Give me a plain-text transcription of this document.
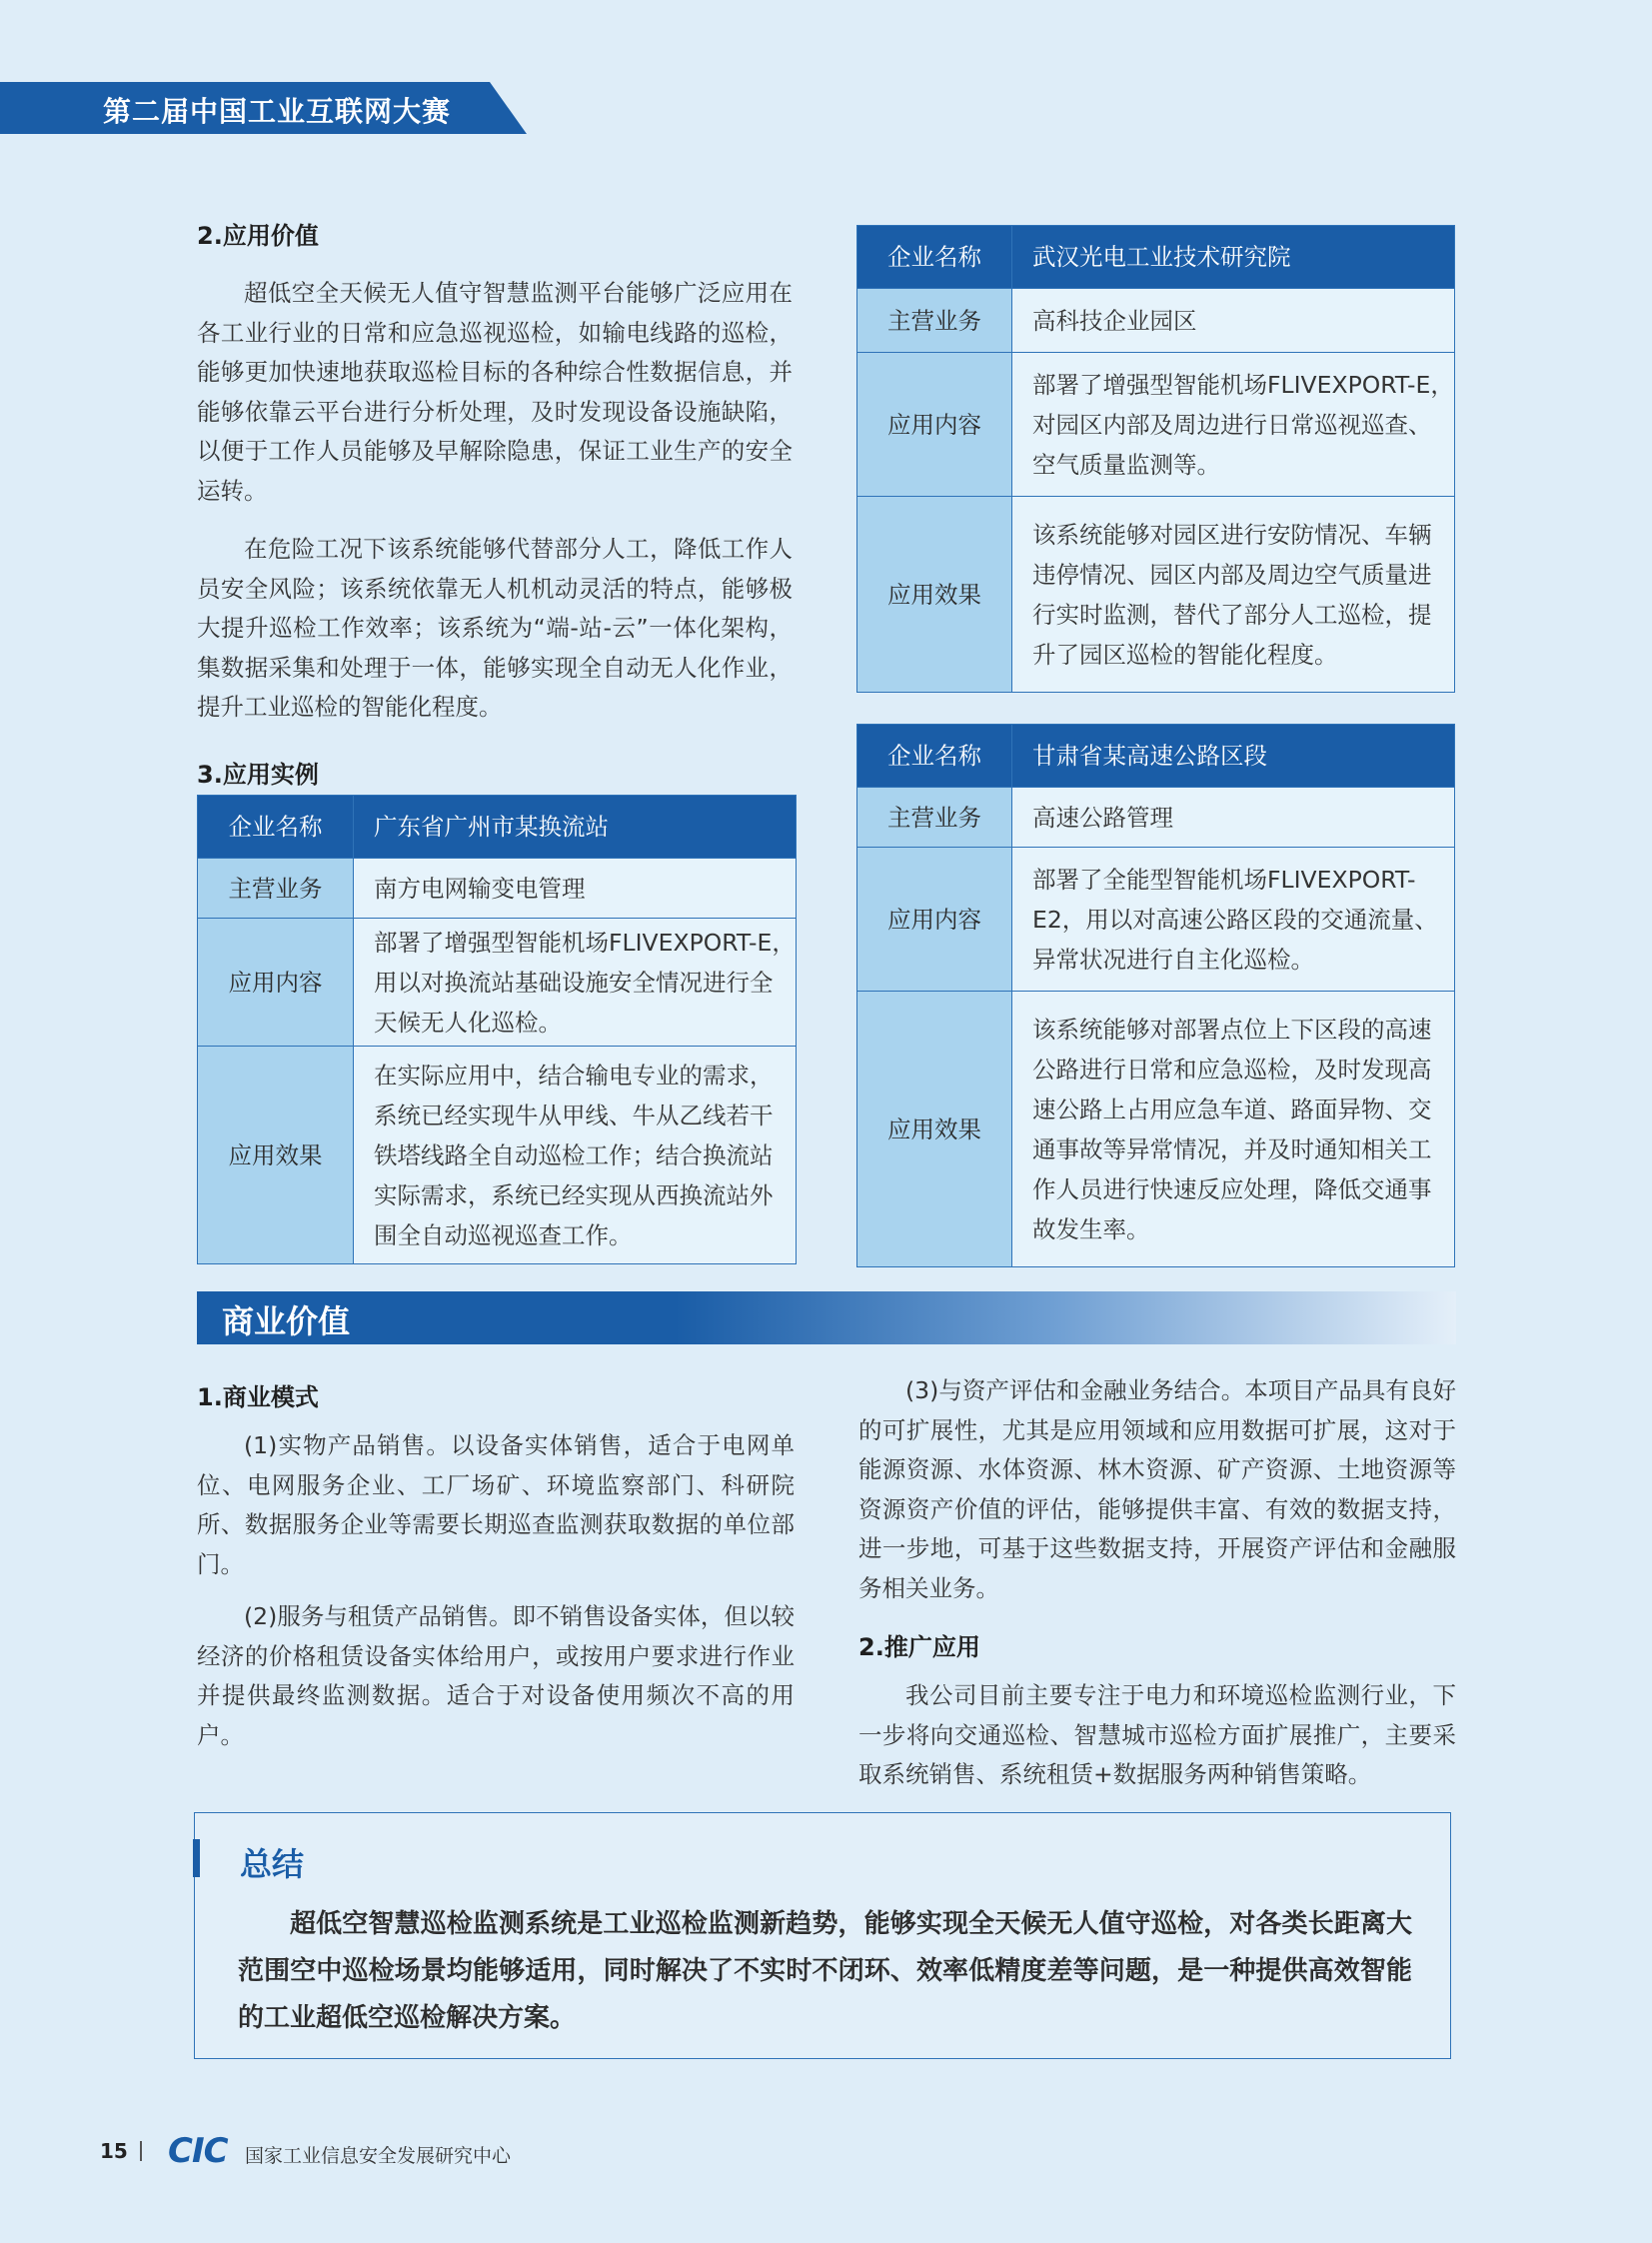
第二届中国工业互联网大赛
2.应用价值

超低空全天候无人值守智慧监测平台能够广泛应用在各工业行业的日常和应急巡视巡检，如输电线路的巡检，能够更加快速地获取巡检目标的各种综合性数据信息，并能够依靠云平台进行分析处理，及时发现设备设施缺陷，以便于工作人员能够及早解除隐患，保证工业生产的安全运转。

在危险工况下该系统能够代替部分人工，降低工作人员安全风险；该系统依靠无人机机动灵活的特点，能够极大提升巡检工作效率；该系统为“端-站-云”一体化架构，集数据采集和处理于一体，能够实现全自动无人化作业，提升工业巡检的智能化程度。

3.应用实例
企业名称	广东省广州市某换流站
主营业务	南方电网输变电管理
应用内容	部署了增强型智能机场FLIVEXPORT-E，用以对换流站基础设施安全情况进行全天候无人化巡检。
应用效果	在实际应用中，结合输电专业的需求，系统已经实现牛从甲线、牛从乙线若干铁塔线路全自动巡检工作；结合换流站实际需求，系统已经实现从西换流站外围全自动巡视巡查工作。
企业名称	武汉光电工业技术研究院
主营业务	高科技企业园区
应用内容	部署了增强型智能机场FLIVEXPORT-E，对园区内部及周边进行日常巡视巡查、空气质量监测等。
应用效果	该系统能够对园区进行安防情况、车辆违停情况、园区内部及周边空气质量进行实时监测，替代了部分人工巡检，提升了园区巡检的智能化程度。
企业名称	甘肃省某高速公路区段
主营业务	高速公路管理
应用内容	部署了全能型智能机场FLIVEXPORT-E2，用以对高速公路区段的交通流量、异常状况进行自主化巡检。
应用效果	该系统能够对部署点位上下区段的高速公路进行日常和应急巡检，及时发现高速公路上占用应急车道、路面异物、交通事故等异常情况，并及时通知相关工作人员进行快速反应处理，降低交通事故发生率。
商业价值
1.商业模式

(1)实物产品销售。以设备实体销售，适合于电网单位、电网服务企业、工厂场矿、环境监察部门、科研院所、数据服务企业等需要长期巡查监测获取数据的单位部门。

(2)服务与租赁产品销售。即不销售设备实体，但以较经济的价格租赁设备实体给用户，或按用户要求进行作业并提供最终监测数据。适合于对设备使用频次不高的用户。

(3)与资产评估和金融业务结合。本项目产品具有良好的可扩展性，尤其是应用领域和应用数据可扩展，这对于能源资源、水体资源、林木资源、矿产资源、土地资源等资源资产价值的评估，能够提供丰富、有效的数据支持，进一步地，可基于这些数据支持，开展资产评估和金融服务相关业务。

2.推广应用

我公司目前主要专注于电力和环境巡检监测行业，下一步将向交通巡检、智慧城市巡检方面扩展推广，主要采取系统销售、系统租赁+数据服务两种销售策略。

总结

超低空智慧巡检监测系统是工业巡检监测新趋势，能够实现全天候无人值守巡检，对各类长距离大范围空中巡检场景均能够适用，同时解决了不实时不闭环、效率低精度差等问题，是一种提供高效智能的工业超低空巡检解决方案。

15 CIC 国家工业信息安全发展研究中心
